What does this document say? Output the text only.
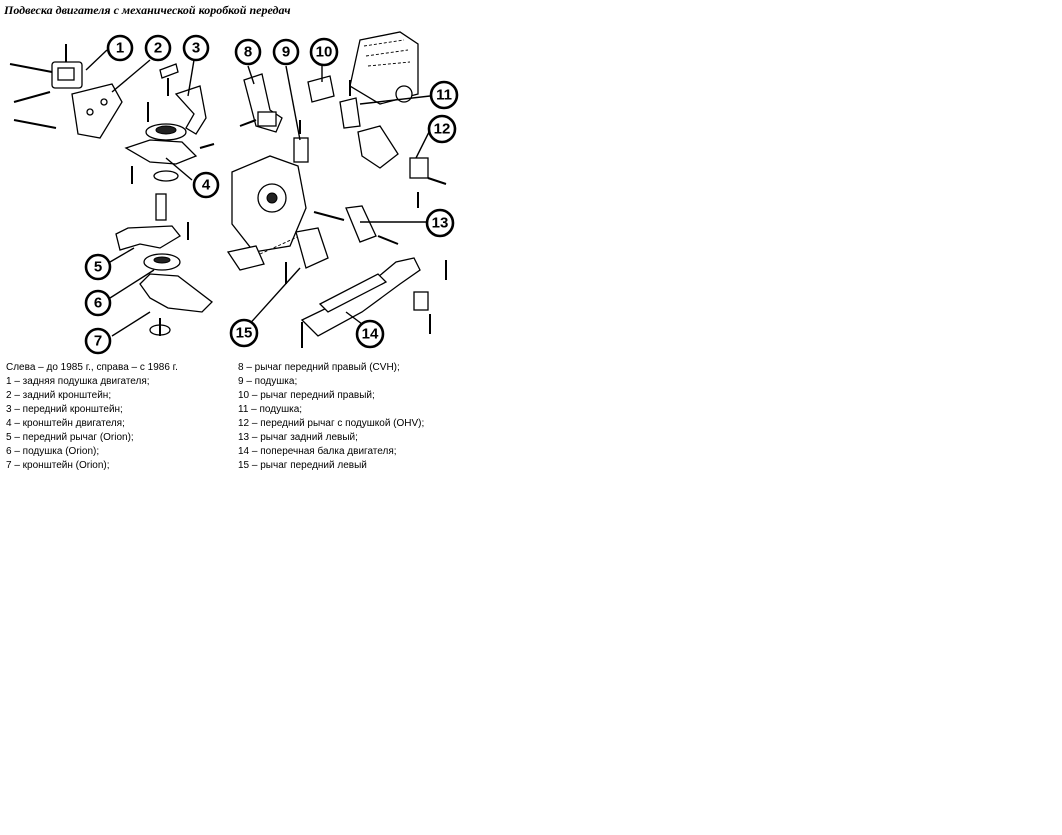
Подвеска двигателя с механической коробкой передач
1 2 3
4
5
6
7
8 9 10
11
12
13
14
15
Слева – до 1985 г., справа – с 1986 г.
1 – задняя подушка двигателя;
2 – задний кронштейн;
3 – передний кронштейн;
4 – кронштейн двигателя;
5 – передний рычаг (Orion);
6 – подушка (Orion);
7 – кронштейн (Orion);
8 – рычаг передний правый (CVH);
9 – подушка;
10 – рычаг передний правый;
11 – подушка;
12 – передний рычаг с подушкой (OHV);
13 – рычаг задний левый;
14 – поперечная балка двигателя;
15 – рычаг передний левый
